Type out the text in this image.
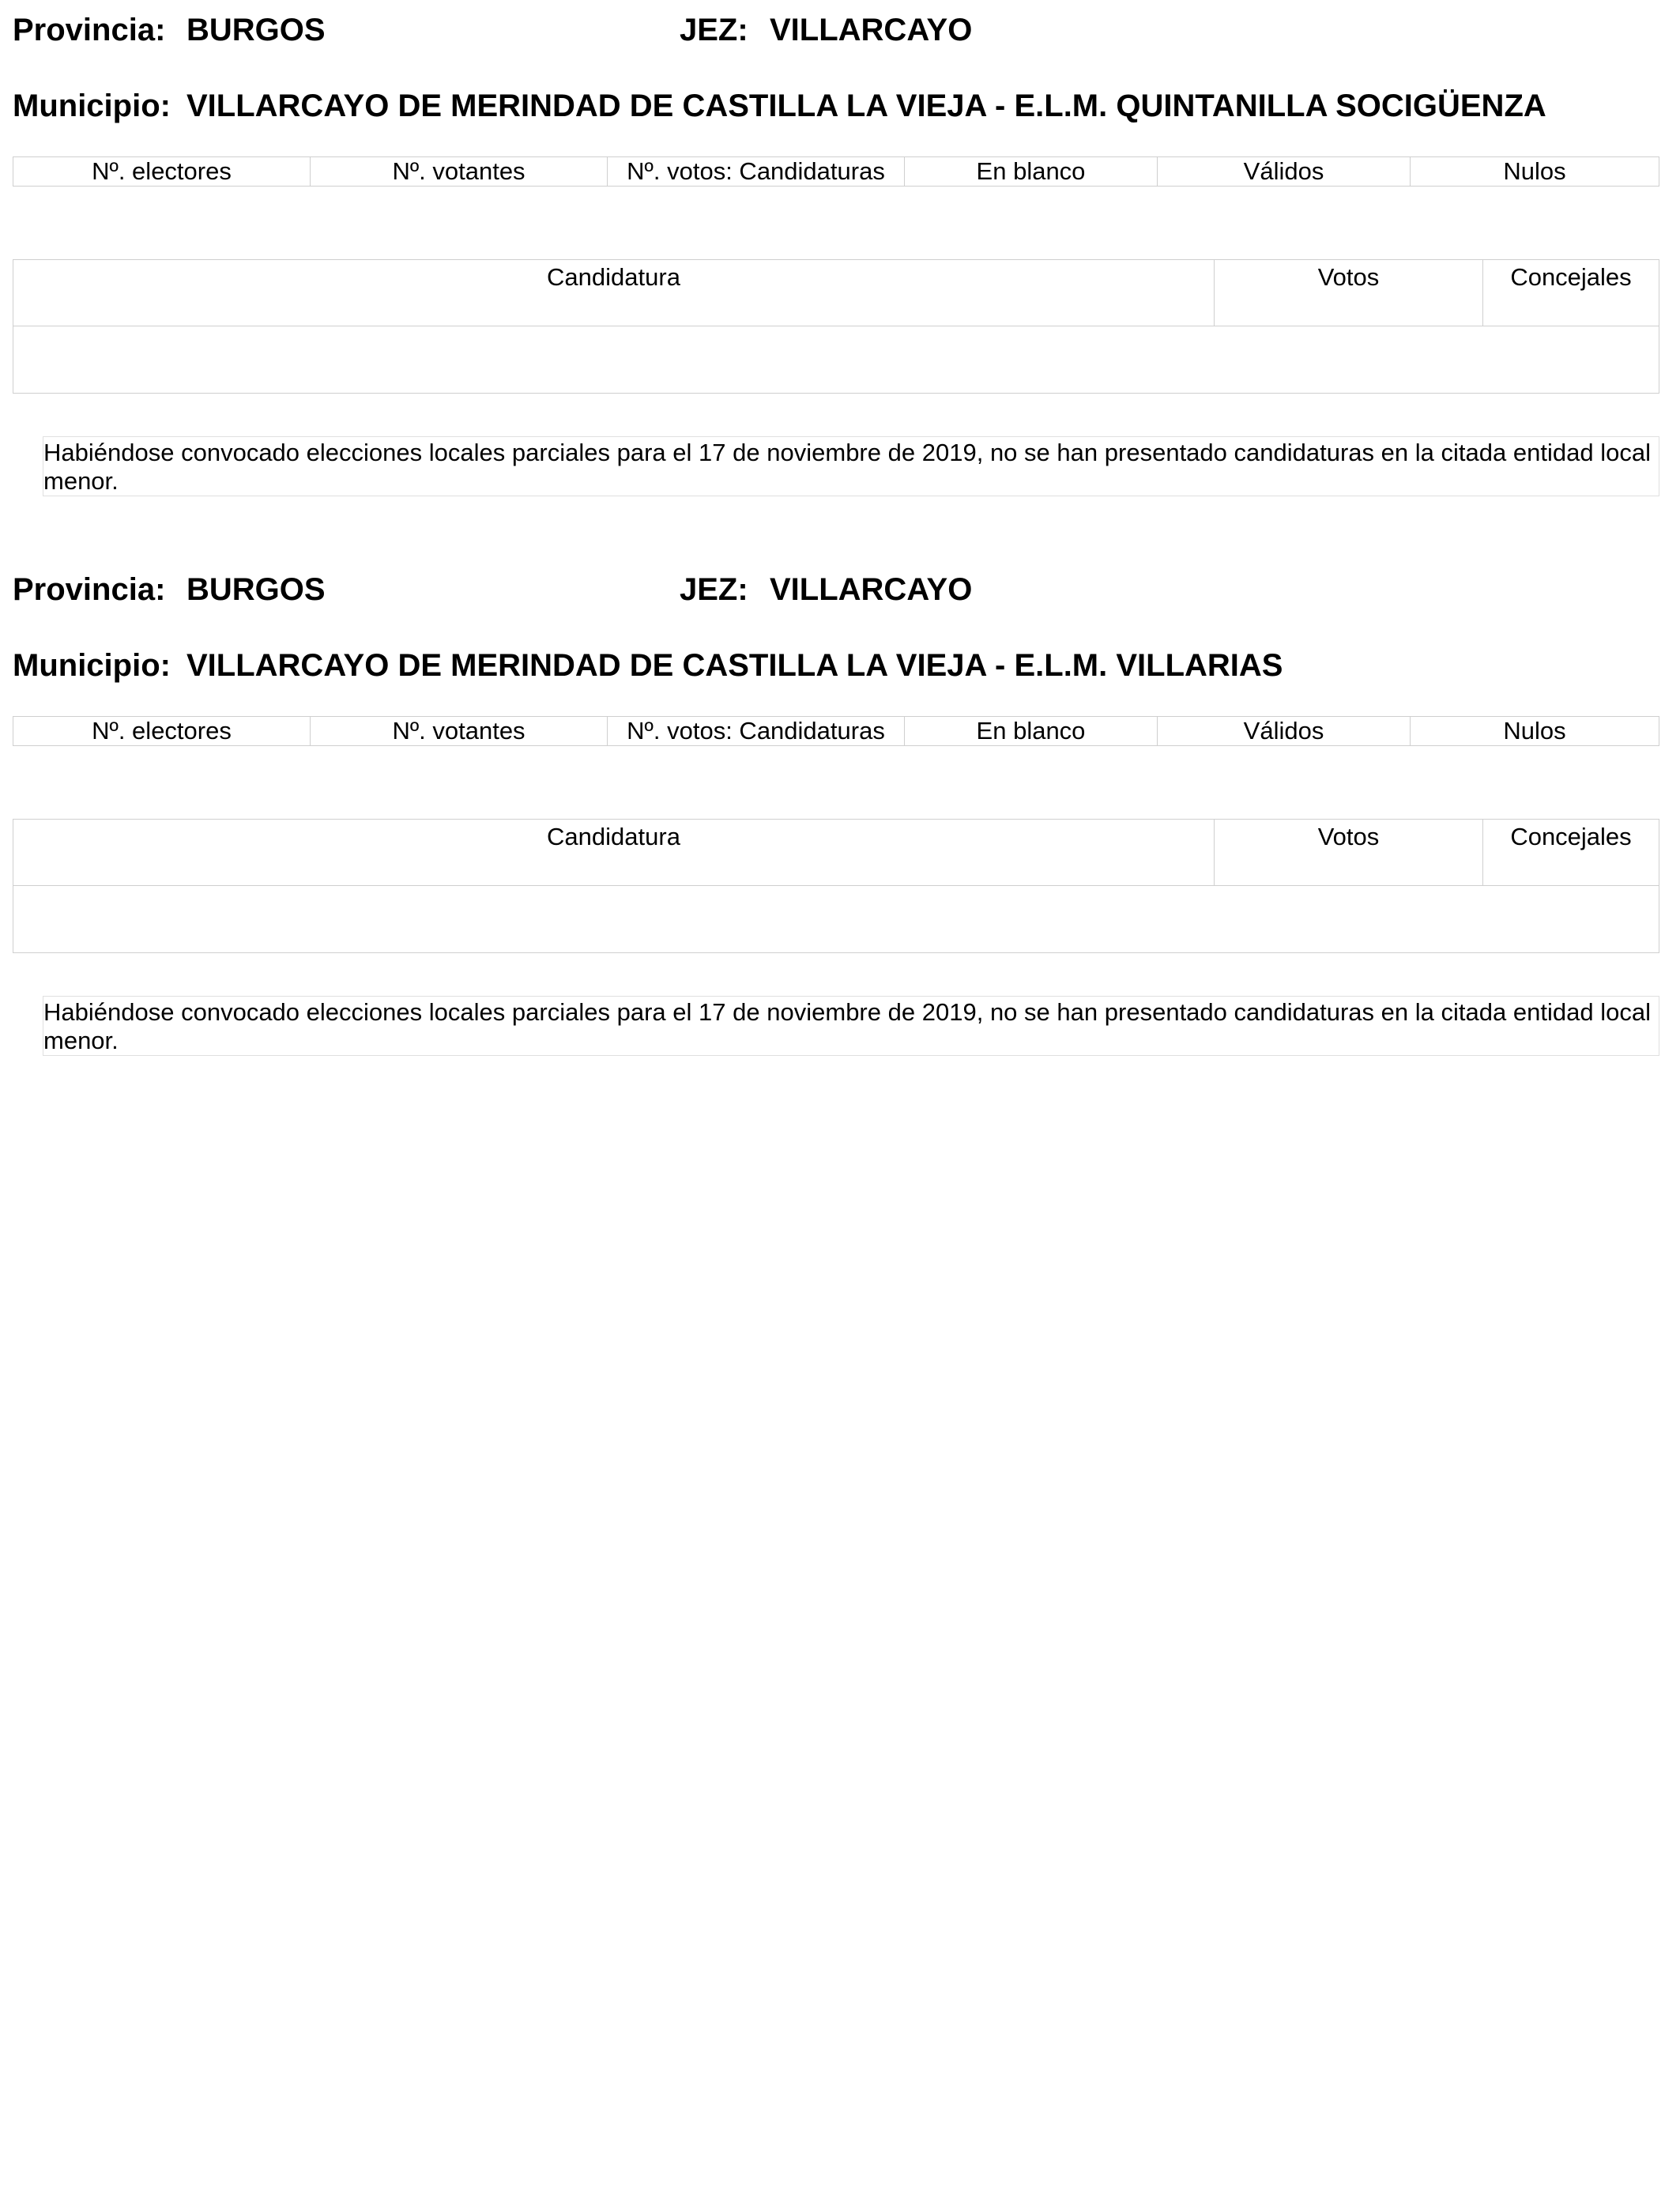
Provincia: BURGOS	JEZ: VILLARCAYO
Municipio: VILLARCAYO DE MERINDAD DE CASTILLA LA VIEJA - E.L.M. QUINTANILLA SOCIGÜENZA
Nº. electores	Nº. votantes	Nº. votos: Candidaturas	En blanco	Válidos	Nulos
Candidatura	Votos	Concejales
Habiéndose convocado elecciones locales parciales para el 17 de noviembre de 2019, no se han presentado candidaturas en la citada entidad local menor.
Provincia: BURGOS	JEZ: VILLARCAYO
Municipio: VILLARCAYO DE MERINDAD DE CASTILLA LA VIEJA - E.L.M. VILLARIAS
Nº. electores	Nº. votantes	Nº. votos: Candidaturas	En blanco	Válidos	Nulos
Candidatura	Votos	Concejales
Habiéndose convocado elecciones locales parciales para el 17 de noviembre de 2019, no se han presentado candidaturas en la citada entidad local menor.
